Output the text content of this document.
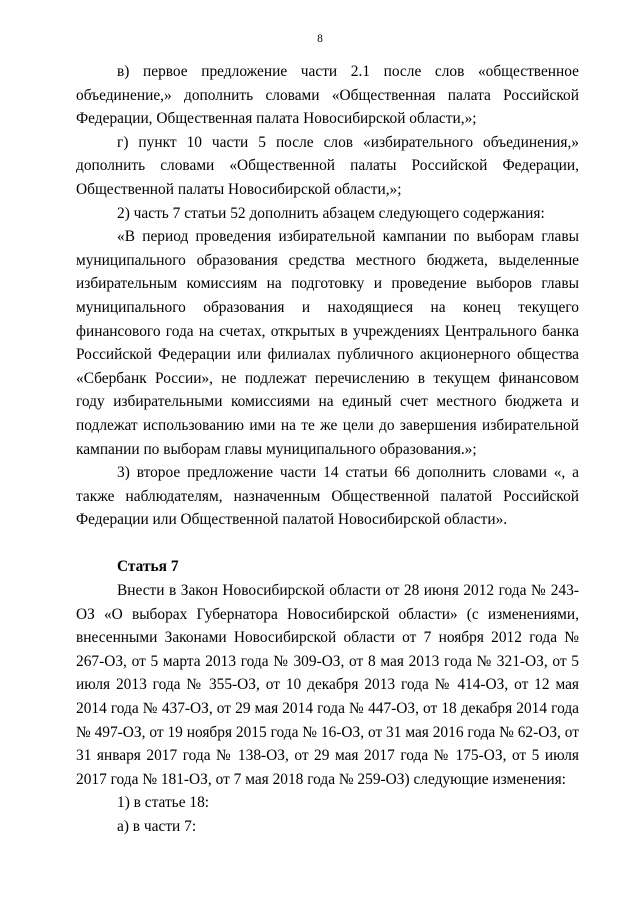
8

в) первое предложение части 2.1 после слов «общественное объединение,» дополнить словами «Общественная палата Российской Федерации, Общественная палата Новосибирской области,»;

г) пункт 10 части 5 после слов «избирательного объединения,» дополнить словами «Общественной палаты Российской Федерации, Общественной палаты Новосибирской области,»;

2) часть 7 статьи 52 дополнить абзацем следующего содержания:

«В период проведения избирательной кампании по выборам главы муниципального образования средства местного бюджета, выделенные избирательным комиссиям на подготовку и проведение выборов главы муниципального образования и находящиеся на конец текущего финансового года на счетах, открытых в учреждениях Центрального банка Российской Федерации или филиалах публичного акционерного общества «Сбербанк России», не подлежат перечислению в текущем финансовом году избирательными комиссиями на единый счет местного бюджета и подлежат использованию ими на те же цели до завершения избирательной кампании по выборам главы муниципального образования.»;

3) второе предложение части 14 статьи 66 дополнить словами «, а также наблюдателям, назначенным Общественной палатой Российской Федерации или Общественной палатой Новосибирской области».

Статья 7

Внести в Закон Новосибирской области от 28 июня 2012 года № 243-ОЗ «О выборах Губернатора Новосибирской области» (с изменениями, внесенными Законами Новосибирской области от 7 ноября 2012 года № 267-ОЗ, от 5 марта 2013 года № 309-ОЗ, от 8 мая 2013 года № 321-ОЗ, от 5 июля 2013 года № 355-ОЗ, от 10 декабря 2013 года № 414-ОЗ, от 12 мая 2014 года № 437-ОЗ, от 29 мая 2014 года № 447-ОЗ, от 18 декабря 2014 года № 497-ОЗ, от 19 ноября 2015 года № 16-ОЗ, от 31 мая 2016 года № 62-ОЗ, от 31 января 2017 года № 138-ОЗ, от 29 мая 2017 года № 175-ОЗ, от 5 июля 2017 года № 181-ОЗ, от 7 мая 2018 года № 259-ОЗ) следующие изменения:

1) в статье 18:

а) в части 7:
